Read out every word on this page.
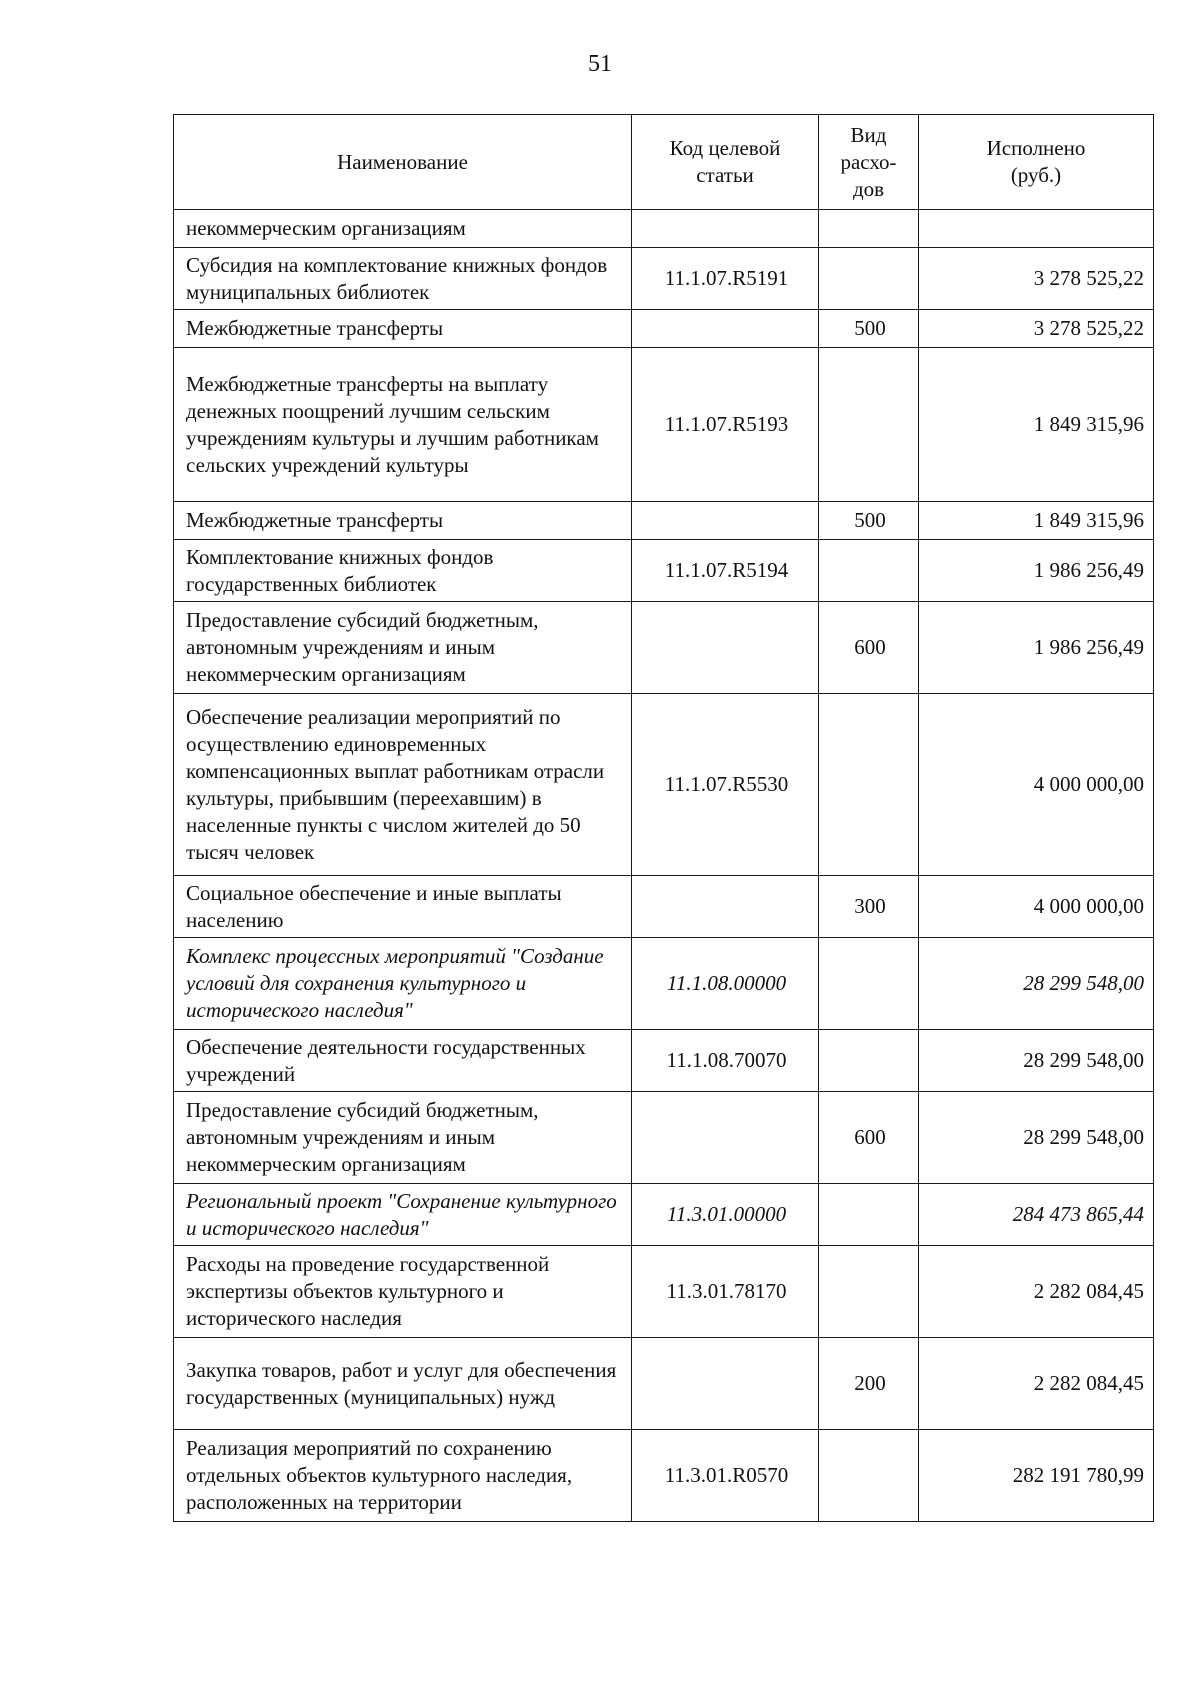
51
Наименование	Код целевой статьи	Вид расхо-дов	Исполнено (руб.)
некоммерческим организациям			
Субсидия на комплектование книжных фондов муниципальных библиотек	11.1.07.R5191		3 278 525,22
Межбюджетные трансферты		500	3 278 525,22
Межбюджетные трансферты на выплату денежных поощрений лучшим сельским учреждениям культуры и лучшим работникам сельских учреждений культуры	11.1.07.R5193		1 849 315,96
Межбюджетные трансферты		500	1 849 315,96
Комплектование книжных фондов государственных библиотек	11.1.07.R5194		1 986 256,49
Предоставление субсидий бюджетным, автономным учреждениям и иным некоммерческим организациям		600	1 986 256,49
Обеспечение реализации мероприятий по осуществлению единовременных компенсационных выплат работникам отрасли культуры, прибывшим (переехавшим) в населенные пункты с числом жителей до 50 тысяч человек	11.1.07.R5530		4 000 000,00
Социальное обеспечение и иные выплаты населению		300	4 000 000,00
Комплекс процессных мероприятий "Создание условий для сохранения культурного и исторического наследия"	11.1.08.00000		28 299 548,00
Обеспечение деятельности государственных учреждений	11.1.08.70070		28 299 548,00
Предоставление субсидий бюджетным, автономным учреждениям и иным некоммерческим организациям		600	28 299 548,00
Региональный проект "Сохранение культурного и исторического наследия"	11.3.01.00000		284 473 865,44
Расходы на проведение государственной экспертизы объектов культурного и исторического наследия	11.3.01.78170		2 282 084,45
Закупка товаров, работ и услуг для обеспечения государственных (муниципальных) нужд		200	2 282 084,45
Реализация мероприятий по сохранению отдельных объектов культурного наследия, расположенных на территории	11.3.01.R0570		282 191 780,99
